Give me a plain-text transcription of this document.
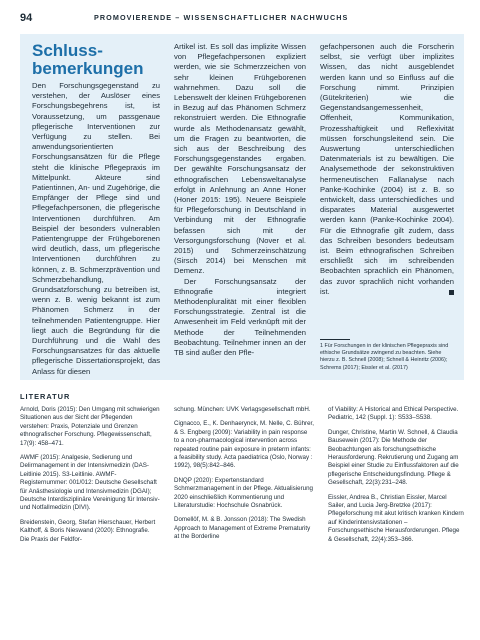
94	PROMOVIERENDE – WISSENSCHAFTLICHER NACHWUCHS
Schluss-
bemerkungen

Den Forschungsgegenstand zu verstehen, der Auslöser eines Forschungsbegehrens ist, ist Voraussetzung, um passgenaue pflegerische Interventionen zur Verfügung zu stellen. Bei anwendungsorientierten Forschungsansätzen für die Pflege steht die klinische Pflegepraxis im Mittelpunkt. Akteure sind Patientinnen, An- und Zugehörige, die Empfänger der Pflege sind und Pflegefachpersonen, die pflegerische Interventionen durchführen. Am Beispiel der besonders vulnerablen Patientengruppe der Frühgeborenen wird deutlich, dass, um pflegerische Interventionen durchführen zu können, z. B. Schmerzprävention und Schmerzbehandlung, Grundsatzforschung zu betreiben ist, wenn z. B. wenig bekannt ist zum Phänomen Schmerz in der teilnehmenden Patientengruppe. Hier liegt auch die Begründung für die Durchführung und die Wahl des Forschungsansatzes für das aktuelle pflegerische Dissertationsprojekt, das Anlass für diesen

Artikel ist. Es soll das implizite Wissen von Pflegefachpersonen expliziert werden, wie sie Schmerzzeichen von sehr kleinen Frühgeborenen wahrnehmen. Dazu soll die Lebenswelt der kleinen Frühgeborenen in Bezug auf das Phänomen Schmerz rekonstruiert werden. Die Ethnografie wurde als Methodenansatz gewählt, um die Fragen zu beantworten, die sich aus der Beschreibung des Forschungsgegenstandes ergaben. Der gewählte Forschungsansatz der ethnografischen Lebensweltanalyse erfolgt in Anlehnung an Anne Honer (Honer 2015: 195). Neuere Beispiele für Pflegeforschung in Deutschland in Verbindung mit der Ethnografie befassen sich mit der Versorgungsforschung (Nover et al. 2015) und Schmerzeinschätzung (Sirsch 2014) bei Menschen mit Demenz.

Der Forschungsansatz der Ethnografie integriert Methodenpluralität mit einer flexiblen Forschungsstrategie. Zentral ist die Anwesenheit im Feld verknüpft mit der Methode der Teilnehmenden Beobachtung. Teilnehmer innen an der TB sind außer den Pfle-

gefachpersonen auch die Forscherin selbst, sie verfügt über implizites Wissen, das nicht ausgeblendet werden kann und so Einfluss auf die Forschung nimmt. Prinzipien (Gütekriterien) wie die Gegenstandsangemessenheit, Offenheit, Kommunikation, Prozesshaftigkeit und Reflexivität müssen forschungsleitend sein. Die Auswertung unterschiedlichen Datenmaterials ist zu bewältigen. Die Analysemethode der sekonstruktiven hermeneutischen Fallanalyse nach Panke-Kochinke (2004) ist z. B. so entwickelt, dass unterschiedliches und disparates Material ausgewertet werden kann (Panke-Kochinke 2004). Für die Ethnografie gilt zudem, dass das Schreiben besonders bedeutsam ist. Beim ethnografischen Schreiben erschließt sich im schreibenden Beobachten sprachlich ein Phänomen, das zuvor sprachlich nicht vorhanden ist.

1 Für Forschungen in der klinischen Pflegepraxis sind ethische Grundsätze zwingend zu beachten. Siehe hierzu z. B. Schnell (2008); Schnell & Heinritz (2006); Schrems (2017); Eissler et al. (2017)
LITERATUR

Arnold, Doris (2015): Den Umgang mit schwierigen Situationen aus der Sicht der Pflegenden verstehen: Praxis, Potenziale und Grenzen ethnografischer Forschung. Pflegewissenschaft, 17(9): 458–471.

AWMF (2015): Analgesie, Sedierung und Delirmanagement in der Intensivmedizin (DAS-Leitlinie 2015). S3-Leitlinie. AWMF-Registernummer: 001/012: Deutsche Gesellschaft für Anästhesiologie und Intensivmedizin (DGAI); Deutsche Interdisziplinäre Vereinigung für Intensiv- und Notfallmedizin (DIVI).

Breidenstein, Georg, Stefan Hierschauer, Herbert Kalthoff, & Boris Nieswand (2020): Ethnografie. Die Praxis der Feldfor-

schung. München: UVK Verlagsgesellschaft mbH.

Cignacco, E., K. Denhaerynck, M. Nelle, C. Bührer, & S. Engberg (2009): Variability in pain response to a non-pharmacological intervention across repeated routine pain exposure in preterm infants: a feasibility study. Acta paediatrica (Oslo, Norway : 1992), 98(5):842–846.

DNQP (2020): Expertenstandard Schmerzmanagement in der Pflege. Aktualisierung 2020 einschließlich Kommentierung und Literaturstudie: Hochschule Osnabrück.

Domellöf, M. & B. Jonsson (2018): The Swedish Approach to Management of Extreme Prematurity at the Borderline

of Viability: A Historical and Ethical Perspective. Pediatric, 142 (Suppl. 1): S533–S538.

Dunger, Christine, Martin W. Schnell, & Claudia Bausewein (2017): Die Methode der Beobachtungen als forschungsethische Herausforderung. Rekrutierung und Zugang am Beispiel einer Studie zu Einflussfaktoren auf die pflegerische Entscheidungsfindung. Pflege & Gesellschaft, 22(3):231–248.

Eissler, Andrea B., Christian Eissler, Marcel Sailer, and Lucia Jerg-Bretzke (2017): Pflegeforschung mit akut kritisch kranken Kindern auf Kinderintensivstationen – Forschungsethische Herausforderungen. Pflege & Gesellschaft, 22(4):353–366.
